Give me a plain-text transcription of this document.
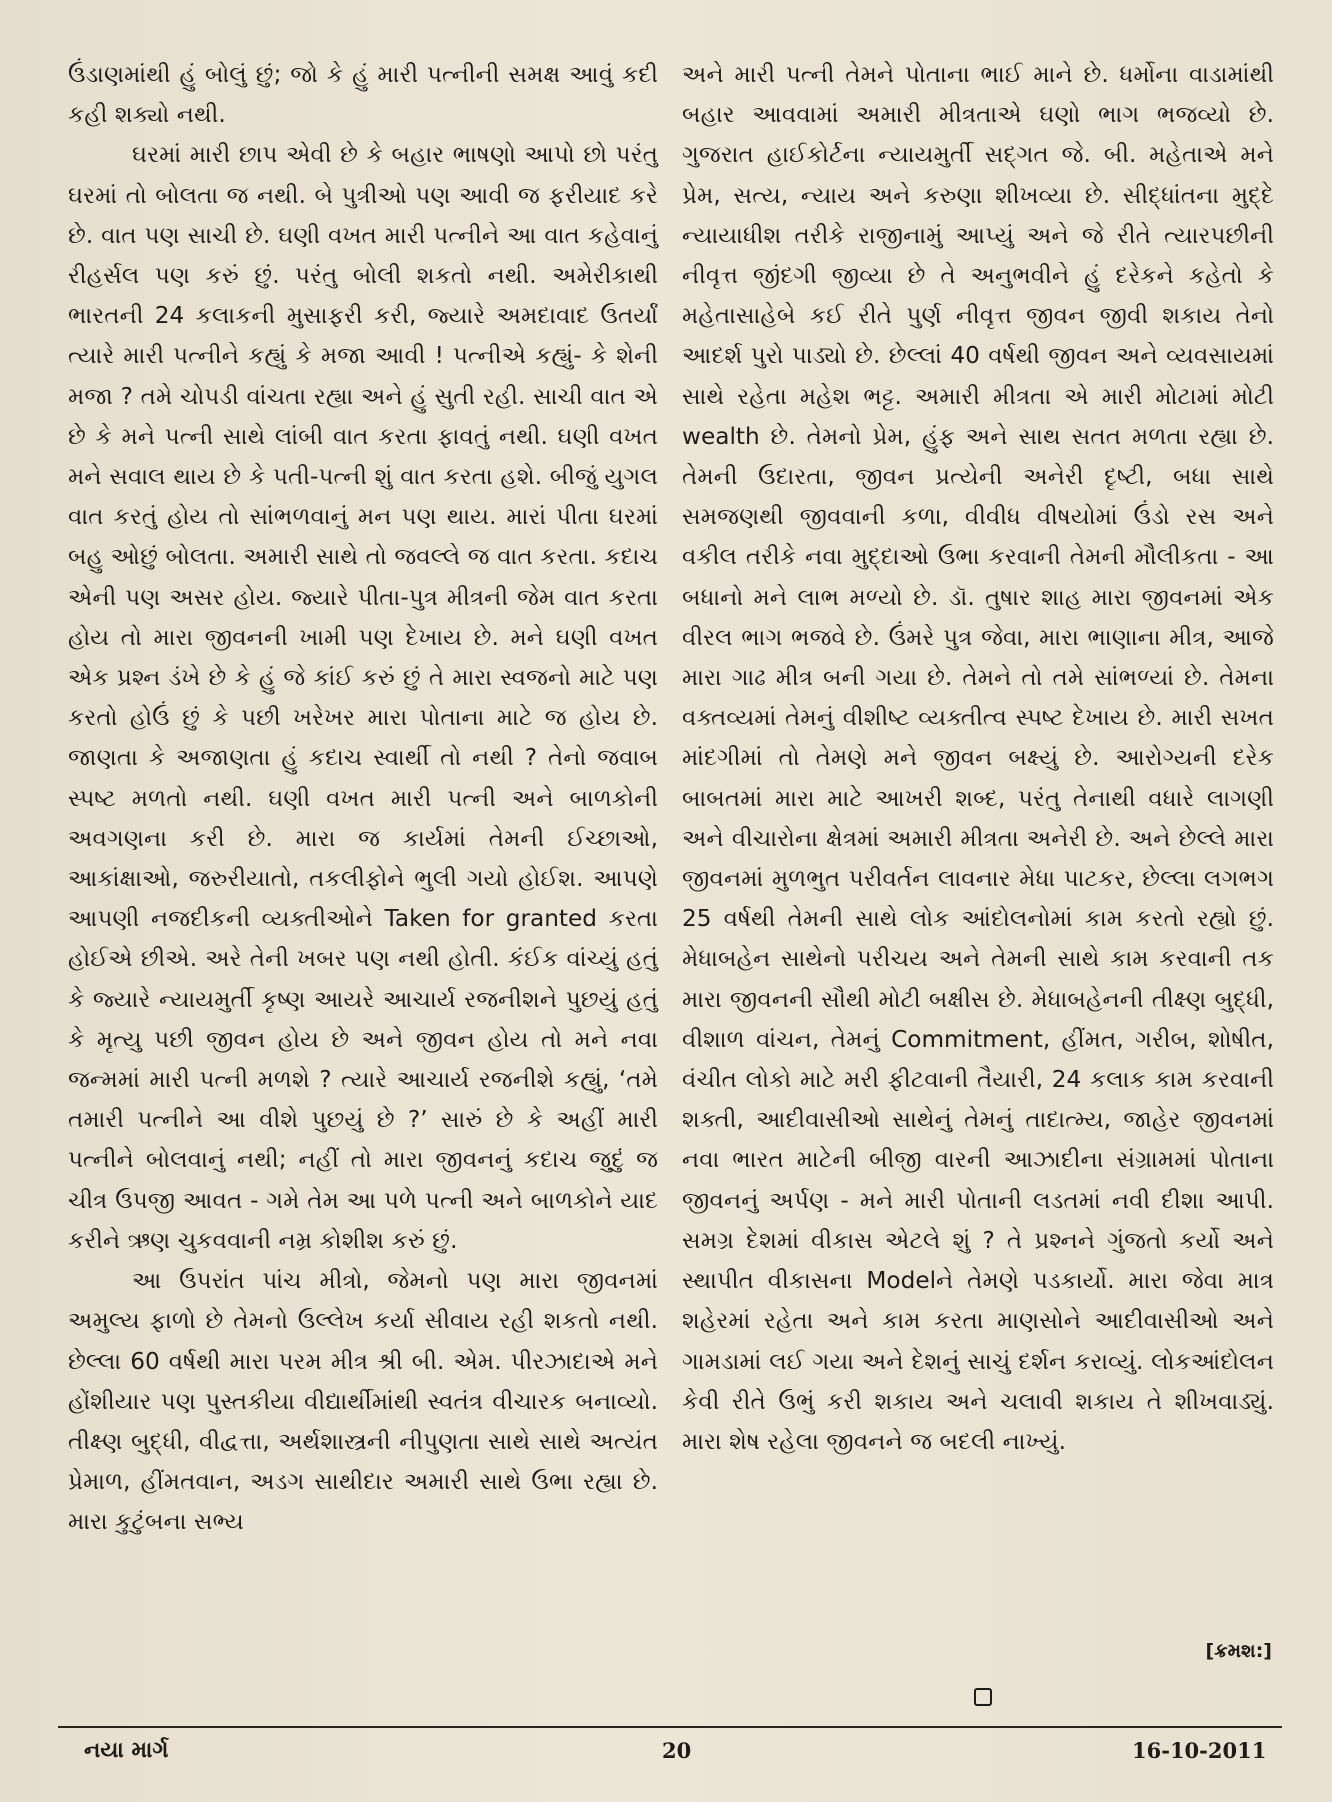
ઉંડાણમાંથી હું બોલું છું; જો કે હું મારી પત્નીની સમક્ષ આવું કદી કહી શક્યો નથી.

ઘરમાં મારી છાપ એવી છે કે બહાર ભાષણો આપો છો પરંતુ ઘરમાં તો બોલતા જ નથી. બે પુત્રીઓ પણ આવી જ ફરીયાદ કરે છે. વાત પણ સાચી છે. ઘણી વખત મારી પત્નીને આ વાત કહેવાનું રીહર્સલ પણ કરું છું. પરંતુ બોલી શકતો નથી. અમેરીકાથી ભારતની 24 કલાકની મુસાફરી કરી, જ્યારે અમદાવાદ ઉતર્યાં ત્યારે મારી પત્નીને કહ્યું કે મજા આવી ! પત્નીએ કહ્યું- કે શેની મજા ? તમે ચોપડી વાંચતા રહ્યા અને હું સુતી રહી. સાચી વાત એ છે કે મને પત્ની સાથે લાંબી વાત કરતા ફાવતું નથી. ઘણી વખત મને સવાલ થાય છે કે પતી-પત્ની શું વાત કરતા હશે. બીજું યુગલ વાત કરતું હોય તો સાંભળવાનું મન પણ થાય. મારાં પીતા ઘરમાં બહુ ઓછું બોલતા. અમારી સાથે તો જવલ્લે જ વાત કરતા. કદાચ એની પણ અસર હોય. જ્યારે પીતા-પુત્ર મીત્રની જેમ વાત કરતા હોય તો મારા જીવનની ખામી પણ દેખાય છે. મને ઘણી વખત એક પ્રશ્ન ડંખે છે કે હું જે કાંઈ કરું છું તે મારા સ્વજનો માટે પણ કરતો હોઉં છું કે પછી ખરેખર મારા પોતાના માટે જ હોય છે. જાણતા કે અજાણતા હું કદાચ સ્વાર્થી તો નથી ? તેનો જવાબ સ્પષ્ટ મળતો નથી. ઘણી વખત મારી પત્ની અને બાળકોની અવગણના કરી છે. મારા જ કાર્યમાં તેમની ઈચ્છાઓ, આકાંક્ષાઓ, જરુરીયાતો, તકલીફોને ભુલી ગયો હોઈશ. આપણે આપણી નજદીકની વ્યક્તીઓને Taken for granted કરતા હોઈએ છીએ. અરે તેની ખબર પણ નથી હોતી. કંઈક વાંચ્યું હતું કે જ્યારે ન્યાયમુર્તી કૃષ્ણ આયરે આચાર્ય રજનીશને પુછયું હતું કે મૃત્યુ પછી જીવન હોય છે અને જીવન હોય તો મને નવા જન્મમાં મારી પત્ની મળશે ? ત્યારે આચાર્ય રજનીશે કહ્યું, ‘તમે તમારી પત્નીને આ વીશે પુછયું છે ?’ સારું છે કે અહીં મારી પત્નીને બોલવાનું નથી; નહીં તો મારા જીવનનું કદાચ જુદું જ ચીત્ર ઉપજી આવત - ગમે તેમ આ પળે પત્ની અને બાળકોને યાદ કરીને ઋણ ચુકવવાની નમ્ર કોશીશ કરું છું.

આ ઉપરાંત પાંચ મીત્રો, જેમનો પણ મારા જીવનમાં અમુલ્ય ફાળો છે તેમનો ઉલ્લેખ કર્યા સીવાય રહી શકતો નથી. છેલ્લા 60 વર્ષથી મારા પરમ મીત્ર શ્રી બી. એમ. પીરઝાદાએ મને હોંશીયાર પણ પુસ્તકીયા વીદ્યાર્થીમાંથી સ્વતંત્ર વીચારક બનાવ્યો. તીક્ષ્ણ બુદ્ધી, વીદ્વત્તા, અર્થશાસ્ત્રની નીપુણતા સાથે સાથે અત્યંત પ્રેમાળ, હીંમતવાન, અડગ સાથીદાર અમારી સાથે ઉભા રહ્યા છે. મારા કુટુંબના સભ્ય

અને મારી પત્ની તેમને પોતાના ભાઈ માને છે. ધર્મોના વાડામાંથી બહાર આવવામાં અમારી મીત્રતાએ ઘણો ભાગ ભજવ્યો છે. ગુજરાત હાઈકોર્ટના ન્યાયમુર્તી સદ્ગત જે. બી. મહેતાએ મને પ્રેમ, સત્ય, ન્યાય અને કરુણા શીખવ્યા છે. સીદ્ધાંતના મુદ્દે ન્યાયાધીશ તરીકે રાજીનામું આપ્યું અને જે રીતે ત્યારપછીની નીવૃત્ત જીંદગી જીવ્યા છે તે અનુભવીને હું દરેકને કહેતો કે મહેતાસાહેબે કઈ રીતે પુર્ણ નીવૃત્ત જીવન જીવી શકાય તેનો આદર્શ પુરો પાડ્યો છે. છેલ્લાં 40 વર્ષથી જીવન અને વ્યવસાયમાં સાથે રહેતા મહેશ ભટ્ટ. અમારી મીત્રતા એ મારી મોટામાં મોટી wealth છે. તેમનો પ્રેમ, હુંફ અને સાથ સતત મળતા રહ્યા છે. તેમની ઉદારતા, જીવન પ્રત્યેની અનેરી દૃષ્ટી, બધા સાથે સમજણથી જીવવાની કળા, વીવીધ વીષયોમાં ઉંડો રસ અને વકીલ તરીકે નવા મુદ્દાઓ ઉભા કરવાની તેમની મૌલીકતા - આ બધાનો મને લાભ મળ્યો છે. ડૉ. તુષાર શાહ મારા જીવનમાં એક વીરલ ભાગ ભજવે છે. ઉંમરે પુત્ર જેવા, મારા ભાણાના મીત્ર, આજે મારા ગાઢ મીત્ર બની ગયા છે. તેમને તો તમે સાંભળ્યાં છે. તેમના વક્તવ્યમાં તેમનું વીશીષ્ટ વ્યક્તીત્વ સ્પષ્ટ દેખાય છે. મારી સખત માંદગીમાં તો તેમણે મને જીવન બક્ષ્યું છે. આરોગ્યની દરેક બાબતમાં મારા માટે આખરી શબ્દ, પરંતુ તેનાથી વધારે લાગણી અને વીચારોના ક્ષેત્રમાં અમારી મીત્રતા અનેરી છે. અને છેલ્લે મારા જીવનમાં મુળભુત પરીવર્તન લાવનાર મેધા પાટકર, છેલ્લા લગભગ 25 વર્ષથી તેમની સાથે લોક આંદોલનોમાં કામ કરતો રહ્યો છું. મેધાબહેન સાથેનો પરીચય અને તેમની સાથે કામ કરવાની તક મારા જીવનની સૌથી મોટી બક્ષીસ છે. મેધાબહેનની તીક્ષ્ણ બુદ્ધી, વીશાળ વાંચન, તેમનું Commitment, હીંમત, ગરીબ, શોષીત, વંચીત લોકો માટે મરી ફીટવાની તૈયારી, 24 કલાક કામ કરવાની શક્તી, આદીવાસીઓ સાથેનું તેમનું તાદાત્મ્ય, જાહેર જીવનમાં નવા ભારત માટેની બીજી વારની આઝાદીના સંગ્રામમાં પોતાના જીવનનું અર્પણ - મને મારી પોતાની લડતમાં નવી દીશા આપી. સમગ્ર દેશમાં વીકાસ એટલે શું ? તે પ્રશ્નને ગુંજતો કર્યો અને સ્થાપીત વીકાસના Modelને તેમણે પડકાર્યો. મારા જેવા માત્ર શહેરમાં રહેતા અને કામ કરતા માણસોને આદીવાસીઓ અને ગામડામાં લઈ ગયા અને દેશનું સાચું દર્શન કરાવ્યું. લોકઆંદોલન કેવી રીતે ઉભું કરી શકાય અને ચલાવી શકાય તે શીખવાડ્યું. મારા શેષ રહેલા જીવનને જ બદલી નાખ્યું.

[ક્રમશ:]
નયા માર્ગ	20	16-10-2011
